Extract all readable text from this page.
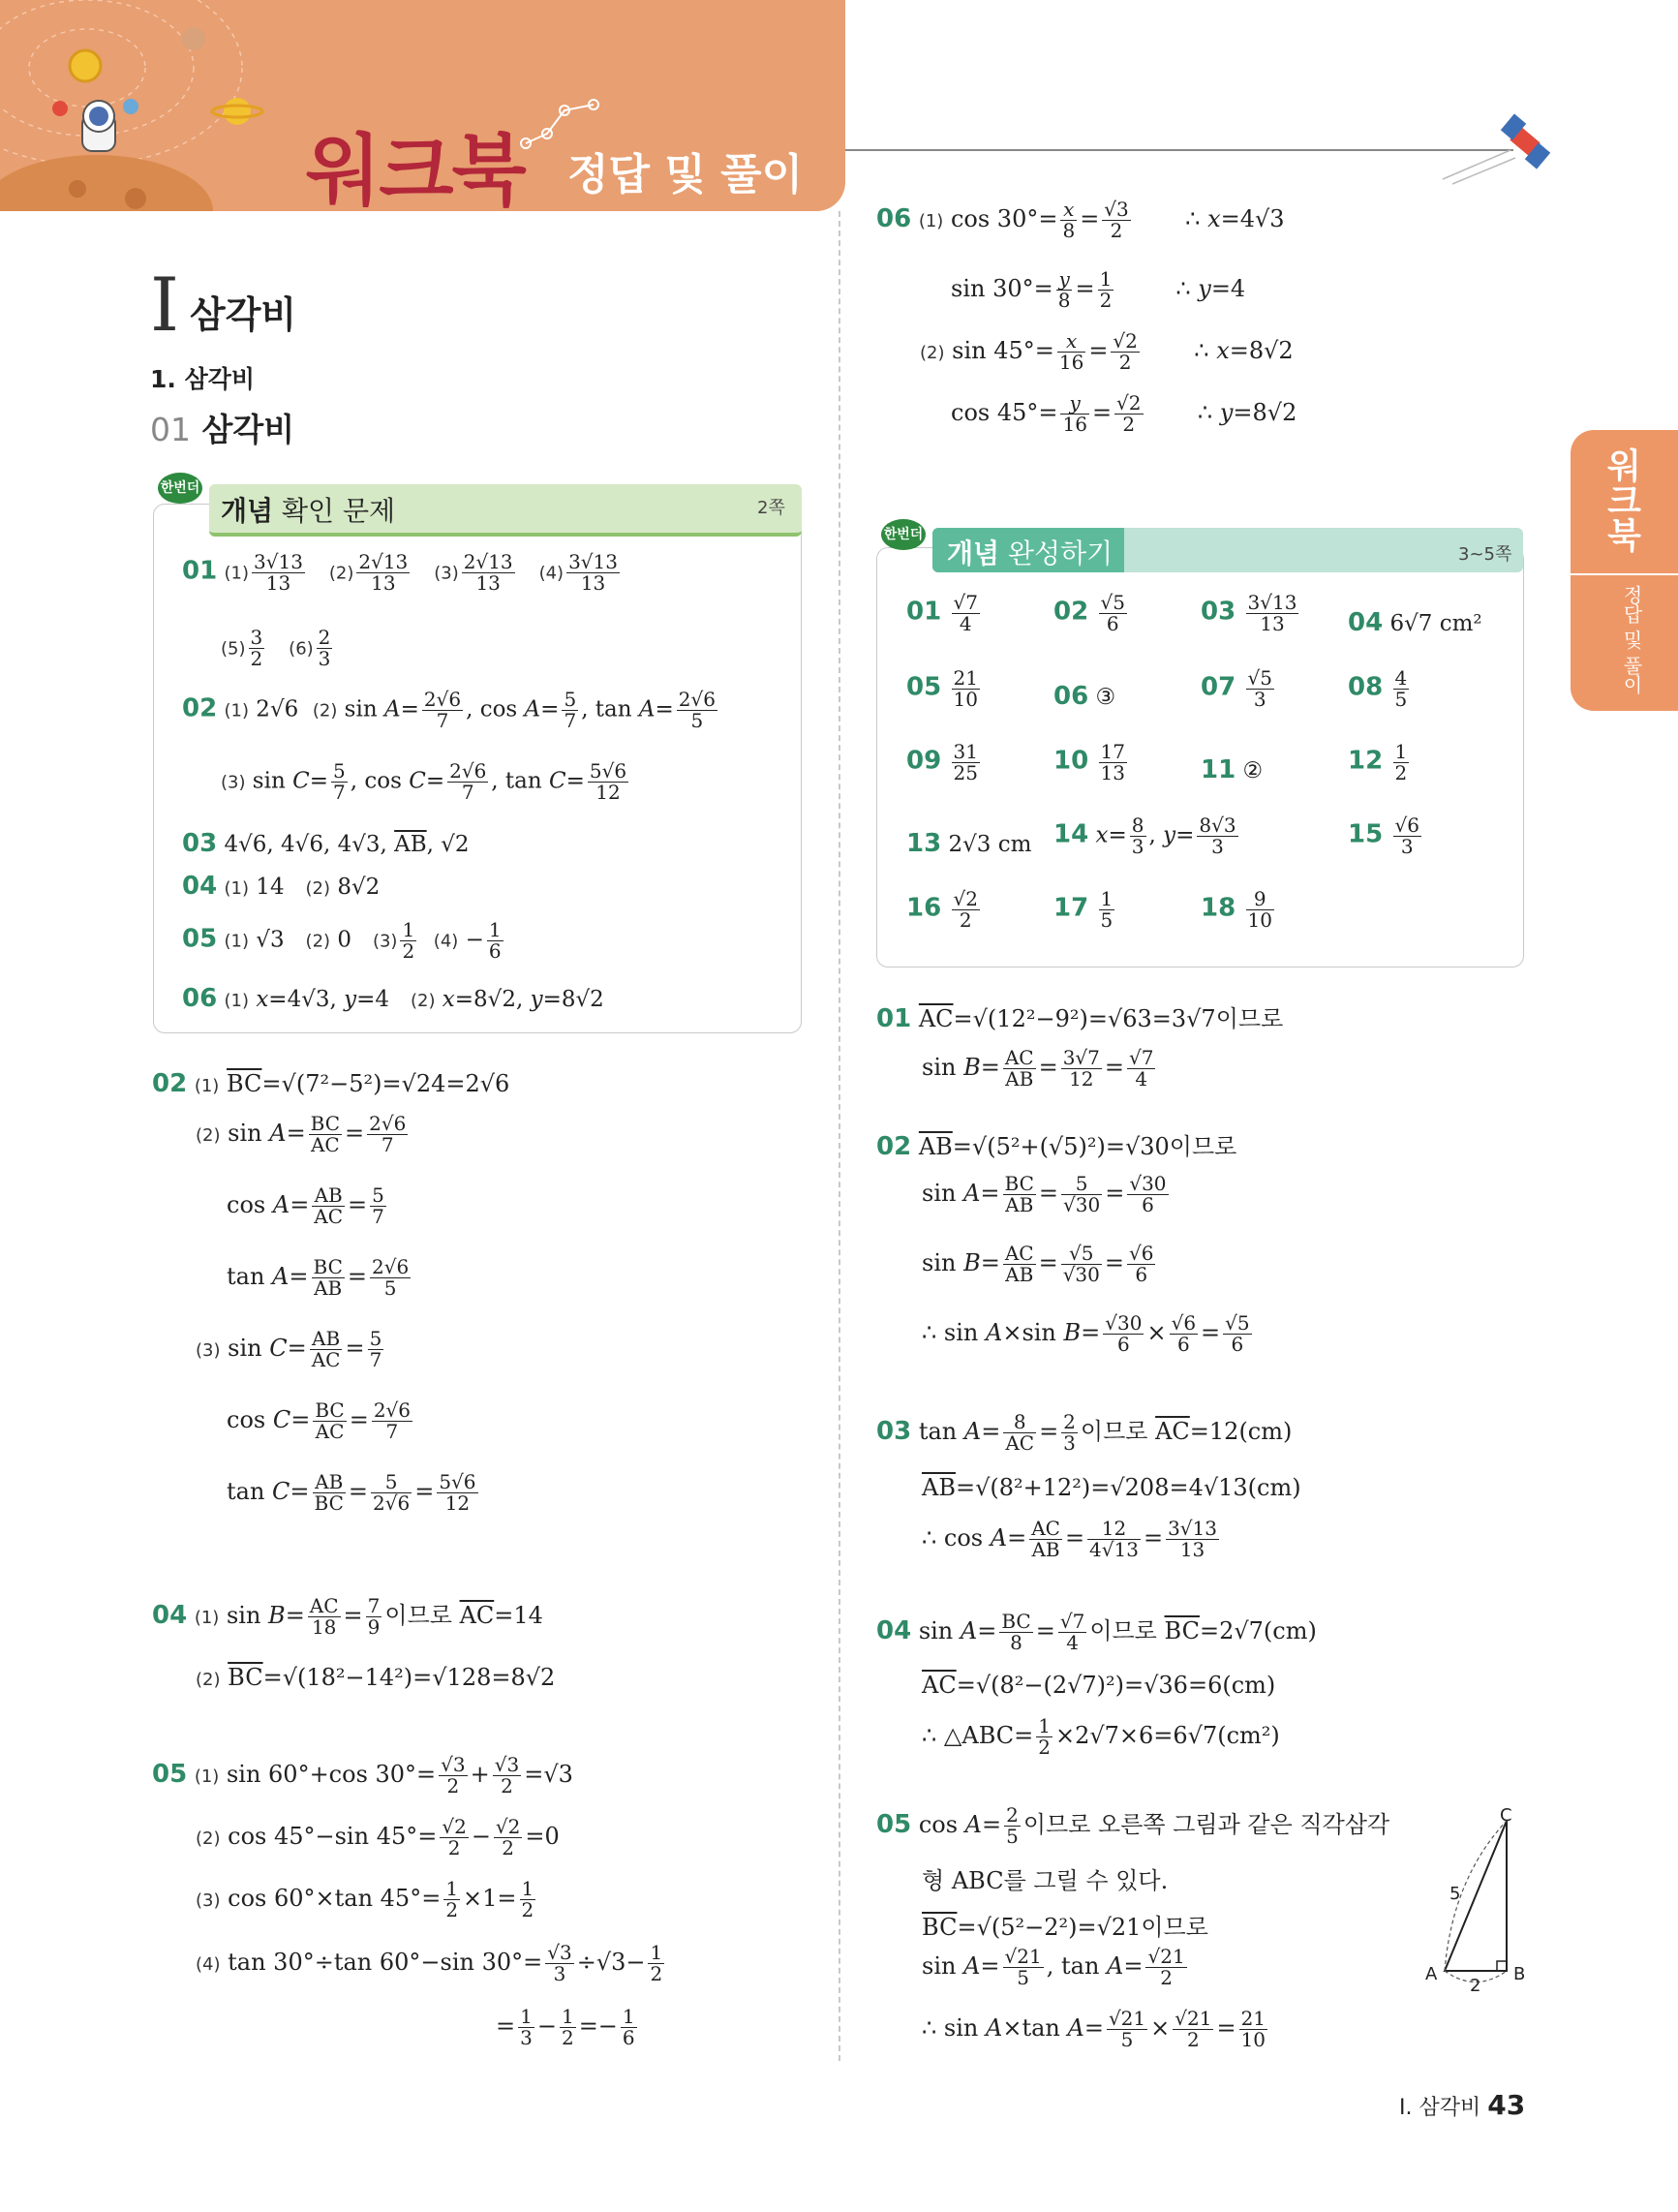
워크북 정답 및 풀이
워크북
정답 및 풀이
I 삼각비
1. 삼각비
01 삼각비
한번더
개념 확인 문제	2쪽
01 $(1) \frac{3√13}{13} (2) \frac{2√13}{13} (3) \frac{2√13}{13} (4) \frac{3√13}{13}$
$(5) \frac{3}{2} (6) \frac{2}{3}$
02 (1) 2√6  (2) $\sin A= \frac{2√6}{7}$ , $\cos A= \frac{5}{7}$ , $\tan A= \frac{2√6}{5}$
(3) $\sin C= \frac{5}{7}$ , $\cos C= \frac{2√6}{7}$ , $\tan C= \frac{5√6}{12}$
03 4√6, 4√6, 4√3, $\overline{AB}$, √2
04 (1) 14   (2) 8√2
05 (1) √3   (2) 0   $(3) \frac{1}{2} (4) - \frac{1}{6}$
06 (1) x=4√3, y=4   (2) x=8√2, y=8√2
02 (1) $\overline{BC}=√(7^2-5^2)=√24=2√6$
(2) $\sin A= \frac{BC}{AC} = \frac{2√6}{7}$
$\cos A= \frac{AB}{AC} = \frac{5}{7}$
$\tan A= \frac{BC}{AB} = \frac{2√6}{5}$
(3) $\sin C= \frac{AB}{AC} = \frac{5}{7}$
$\cos C= \frac{BC}{AC} = \frac{2√6}{7}$
$\tan C= \frac{AB}{BC} = \frac{5}{2√6} = \frac{5√6}{12}$
04 (1) $\sin B= \frac{AC}{18} = \frac{7}{9}$ 이므로 $\overline{AC}=14$
(2) $\overline{BC}=√(18^2-14^2)=√128=8√2$
05 (1) sin 60°+cos $30^\circ= \frac{√3}{2} + \frac{√3}{2} =√3$
(2) cos 45°−sin $45^\circ= \frac{√2}{2} - \frac{√2}{2} =0$
(3) cos 60°×tan $45^\circ= \frac{1}{2} \times 1= \frac{1}{2}$
(4) tan 30°÷tan 60°−sin $30^\circ= \frac{√3}{3} \div√3- \frac{1}{2}$
= $\frac{1}{3} - \frac{1}{2} =- \frac{1}{6}$
06 (1) $\cos 30^\circ= \frac{x}{8} = \frac{√3}{2}$ ∴ x=4√3
$\sin 30^\circ= \frac{y}{8} = \frac{1}{2}$ ∴ y=4
(2) $\sin 45^\circ= \frac{x}{16} = \frac{√2}{2}$ ∴ x=8√2
$\cos 45^\circ= \frac{y}{16} = \frac{√2}{2}$ ∴ y=8√2
한번더
개념 완성하기	3~5쪽
$01 \frac{√7}{4}$	$02 \frac{√5}{6}$	$03 \frac{3√13}{13} 04$ 6√7 cm²
$05 \frac{21}{10}$	06 ③	$07 \frac{√5}{3}$	$08 \frac{4}{5}$
$09 \frac{31}{25}$	$10 \frac{17}{13}$	11 ②	$12 \frac{1}{2}$
13 2√3 cm 14 $x= \frac{8}{3}$ , $y= \frac{8√3}{3}$	$15 \frac{√6}{3}$
$16 \frac{√2}{2}$	$17 \frac{1}{5}$	$18 \frac{9}{10}$
01 $\overline{AC}=√(12^2-9^2)=√63=3√7$이므로
$\sin B= \frac{AC}{AB} = \frac{3√7}{12} = \frac{√7}{4}$
02 $\overline{AB}=√(5^2+(√5)^2)=√30$이므로
$\sin A= \frac{BC}{AB} = \frac{5}{√30} = \frac{√30}{6}$
$\sin B= \frac{AC}{AB} = \frac{√5}{√30} = \frac{√6}{6}$
∴ sin A×sin $B= \frac{√30}{6} \times \frac{√6}{6} = \frac{√5}{6}$
03 $\tan A= \frac{8}{AC} = \frac{2}{3}$ 이므로 $\overline{AC}=12(cm)$
$\overline{AB}=√(8^2+12^2)=√208=4√13(cm)$
∴ $\cos A= \frac{AC}{AB} = \frac{12}{4√13} = \frac{3√13}{13}$
04 $\sin A= \frac{BC}{8} = \frac{√7}{4}$ 이므로 $\overline{BC}=2√7(cm)$
$\overline{AC}=√(8^2-(2√7)^2)=√36=6(cm)$
∴ △ABC= $\frac{1}{2} \times 2√7\times 6=6√7(cm^2)$
05 $\cos A= \frac{2}{5}$ 이므로 오른쪽 그림과 같은 직각삼각
형 ABC를 그릴 수 있다.
$\overline{BC}=√(5^2-2^2)=√21$이므로
$\sin A= \frac{√21}{5}$ , $\tan A= \frac{√21}{2}$
∴ sin A×tan $A= \frac{√21}{5} \times \frac{√21}{2} = \frac{21}{10}$
C
A	B
5
2
I. 삼각비 43
